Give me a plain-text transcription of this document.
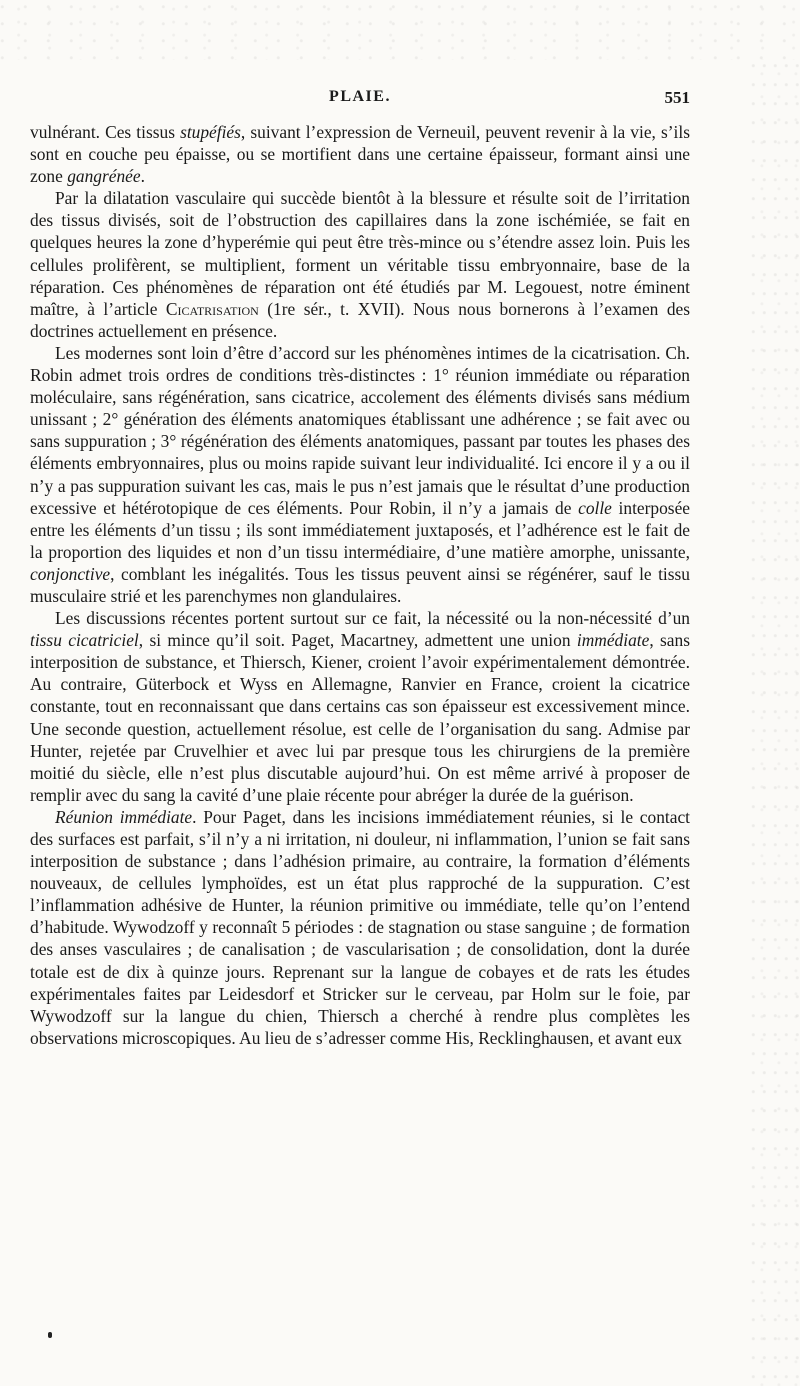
PLAIE.	551

vulnérant. Ces tissus stupéfiés, suivant l’expression de Verneuil, peuvent revenir à la vie, s’ils sont en couche peu épaisse, ou se mortifient dans une certaine épaisseur, formant ainsi une zone gangrénée.

Par la dilatation vasculaire qui succède bientôt à la blessure et résulte soit de l’irritation des tissus divisés, soit de l’obstruction des capillaires dans la zone ischémiée, se fait en quelques heures la zone d’hyperémie qui peut être très-mince ou s’étendre assez loin. Puis les cellules prolifèrent, se multiplient, forment un véritable tissu embryonnaire, base de la réparation. Ces phénomènes de réparation ont été étudiés par M. Legouest, notre éminent maître, à l’article Cicatrisation (1re sér., t. XVII). Nous nous bornerons à l’examen des doctrines actuellement en présence.

Les modernes sont loin d’être d’accord sur les phénomènes intimes de la cicatrisation. Ch. Robin admet trois ordres de conditions très-distinctes : 1° réunion immédiate ou réparation moléculaire, sans régénération, sans cicatrice, accolement des éléments divisés sans médium unissant ; 2° génération des éléments anatomiques établissant une adhérence ; se fait avec ou sans suppuration ; 3° régénération des éléments anatomiques, passant par toutes les phases des éléments embryonnaires, plus ou moins rapide suivant leur individualité. Ici encore il y a ou il n’y a pas suppuration suivant les cas, mais le pus n’est jamais que le résultat d’une production excessive et hétérotopique de ces éléments. Pour Robin, il n’y a jamais de colle interposée entre les éléments d’un tissu ; ils sont immédiatement juxtaposés, et l’adhérence est le fait de la proportion des liquides et non d’un tissu intermédiaire, d’une matière amorphe, unissante, conjonctive, comblant les inégalités. Tous les tissus peuvent ainsi se régénérer, sauf le tissu musculaire strié et les parenchymes non glandulaires.

Les discussions récentes portent surtout sur ce fait, la nécessité ou la non-nécessité d’un tissu cicatriciel, si mince qu’il soit. Paget, Macartney, admettent une union immédiate, sans interposition de substance, et Thiersch, Kiener, croient l’avoir expérimentalement démontrée. Au contraire, Güterbock et Wyss en Allemagne, Ranvier en France, croient la cicatrice constante, tout en reconnaissant que dans certains cas son épaisseur est excessivement mince. Une seconde question, actuellement résolue, est celle de l’organisation du sang. Admise par Hunter, rejetée par Cruvelhier et avec lui par presque tous les chirurgiens de la première moitié du siècle, elle n’est plus discutable aujourd’hui. On est même arrivé à proposer de remplir avec du sang la cavité d’une plaie récente pour abréger la durée de la guérison.

Réunion immédiate. Pour Paget, dans les incisions immédiatement réunies, si le contact des surfaces est parfait, s’il n’y a ni irritation, ni douleur, ni inflammation, l’union se fait sans interposition de substance ; dans l’adhésion primaire, au contraire, la formation d’éléments nouveaux, de cellules lymphoïdes, est un état plus rapproché de la suppuration. C’est l’inflammation adhésive de Hunter, la réunion primitive ou immédiate, telle qu’on l’entend d’habitude. Wywodzoff y reconnaît 5 périodes : de stagnation ou stase sanguine ; de formation des anses vasculaires ; de canalisation ; de vascularisation ; de consolidation, dont la durée totale est de dix à quinze jours. Reprenant sur la langue de cobayes et de rats les études expérimentales faites par Leidesdorf et Stricker sur le cerveau, par Holm sur le foie, par Wywodzoff sur la langue du chien, Thiersch a cherché à rendre plus complètes les observations microscopiques. Au lieu de s’adresser comme His, Recklinghausen, et avant eux
